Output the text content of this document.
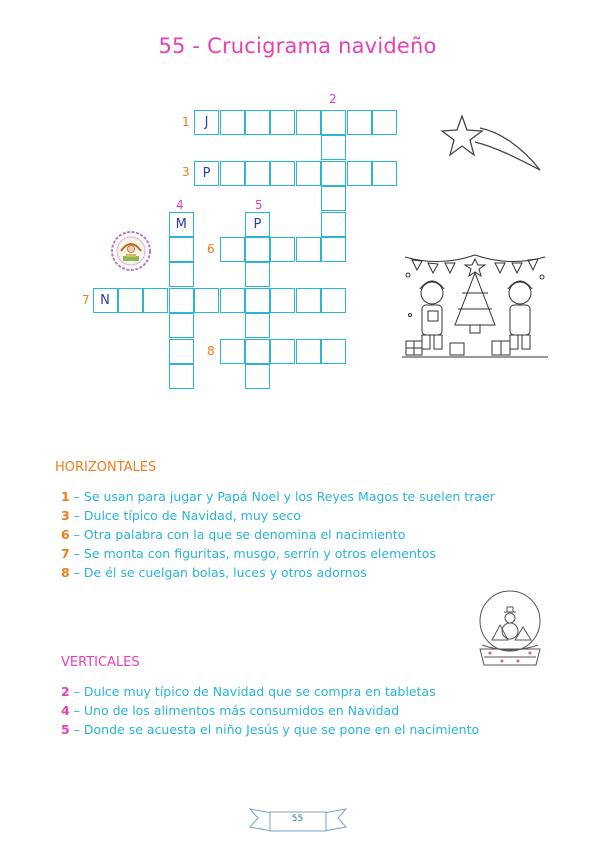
55 - Crucigrama navideño
J
P
M	P
N
1
2
3
4	5
6
7
8
HORIZONTALES
1 – Se usan para jugar y Papá Noel y los Reyes Magos te suelen traer
3 – Dulce típico de Navidad, muy seco
6 – Otra palabra con la que se denomina el nacimiento
7 – Se monta con figuritas, musgo, serrín y otros elementos
8 – De él se cuelgan bolas, luces y otros adornos
VERTICALES
2 – Dulce muy típico de Navidad que se compra en tabletas
4 – Uno de los alimentos más consumidos en Navidad
5 – Donde se acuesta el niño Jesús y que se pone en el nacimiento
55
